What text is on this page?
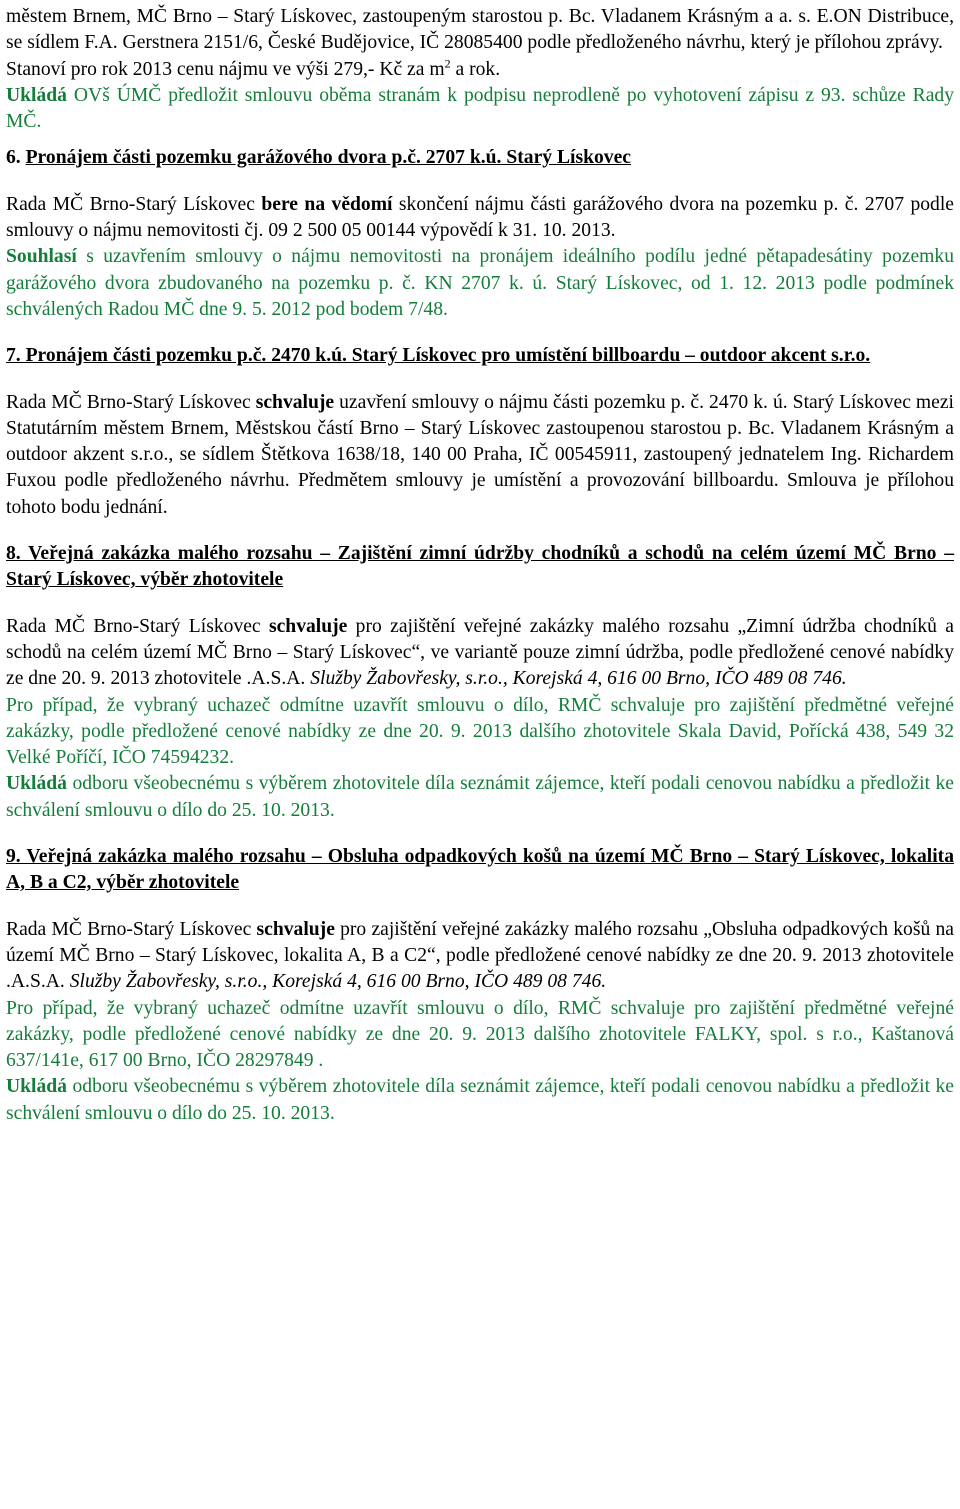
městem Brnem, MČ Brno – Starý Lískovec, zastoupeným starostou p. Bc. Vladanem Krásným a a. s. E.ON Distribuce, se sídlem F.A. Gerstnera 2151/6, České Budějovice, IČ 28085400 podle předloženého návrhu, který je přílohou zprávy.

Stanoví pro rok 2013 cenu nájmu ve výši 279,- Kč za $m^2$ a rok.

Ukládá OVš ÚMČ předložit smlouvu oběma stranám k podpisu neprodleně po vyhotovení zápisu z 93. schůze Rady MČ.

6. Pronájem části pozemku garážového dvora p.č. 2707 k.ú. Starý Lískovec

Rada MČ Brno-Starý Lískovec bere na vědomí skončení nájmu části garážového dvora na pozemku p. č. 2707 podle smlouvy o nájmu nemovitosti čj. 09 2 500 05 00144 výpovědí k 31. 10. 2013.

Souhlasí s uzavřením smlouvy o nájmu nemovitosti na pronájem ideálního podílu jedné pětapadesátiny pozemku garážového dvora zbudovaného na pozemku p. č. KN 2707 k. ú. Starý Lískovec, od 1. 12. 2013 podle podmínek schválených Radou MČ dne 9. 5. 2012 pod bodem 7/48.

7. Pronájem části pozemku p.č. 2470 k.ú. Starý Lískovec pro umístění billboardu – outdoor akcent s.r.o.

Rada MČ Brno-Starý Lískovec schvaluje uzavření smlouvy o nájmu části pozemku p. č. 2470 k. ú. Starý Lískovec mezi Statutárním městem Brnem, Městskou částí Brno – Starý Lískovec zastoupenou starostou p. Bc. Vladanem Krásným a outdoor akzent s.r.o., se sídlem Štětkova 1638/18, 140 00 Praha, IČ 00545911, zastoupený jednatelem Ing. Richardem Fuxou podle předloženého návrhu. Předmětem smlouvy je umístění a provozování billboardu. Smlouva je přílohou tohoto bodu jednání.

8. Veřejná zakázka malého rozsahu – Zajištění zimní údržby chodníků a schodů na celém území MČ Brno – Starý Lískovec, výběr zhotovitele

Rada MČ Brno-Starý Lískovec schvaluje pro zajištění veřejné zakázky malého rozsahu „Zimní údržba chodníků a schodů na celém území MČ Brno – Starý Lískovec“, ve variantě pouze zimní údržba, podle předložené cenové nabídky ze dne 20. 9. 2013 zhotovitele .A.S.A. Služby Žabovřesky, s.r.o., Korejská 4, 616 00 Brno, IČO 489 08 746.

Pro případ, že vybraný uchazeč odmítne uzavřít smlouvu o dílo, RMČ schvaluje pro zajištění předmětné veřejné zakázky, podle předložené cenové nabídky ze dne 20. 9. 2013 dalšího zhotovitele Skala David, Pořícká 438, 549 32 Velké Poříčí, IČO 74594232.

Ukládá odboru všeobecnému s výběrem zhotovitele díla seznámit zájemce, kteří podali cenovou nabídku a předložit ke schválení smlouvu o dílo do 25. 10. 2013.

9. Veřejná zakázka malého rozsahu – Obsluha odpadkových košů na území MČ Brno – Starý Lískovec, lokalita A, B a C2, výběr zhotovitele

Rada MČ Brno-Starý Lískovec schvaluje pro zajištění veřejné zakázky malého rozsahu „Obsluha odpadkových košů na území MČ Brno – Starý Lískovec, lokalita A, B a C2“, podle předložené cenové nabídky ze dne 20. 9. 2013 zhotovitele .A.S.A. Služby Žabovřesky, s.r.o., Korejská 4, 616 00 Brno, IČO 489 08 746.

Pro případ, že vybraný uchazeč odmítne uzavřít smlouvu o dílo, RMČ schvaluje pro zajištění předmětné veřejné zakázky, podle předložené cenové nabídky ze dne 20. 9. 2013 dalšího zhotovitele FALKY, spol. s r.o., Kaštanová 637/141e, 617 00 Brno, IČO 28297849 .

Ukládá odboru všeobecnému s výběrem zhotovitele díla seznámit zájemce, kteří podali cenovou nabídku a předložit ke schválení smlouvu o dílo do 25. 10. 2013.
